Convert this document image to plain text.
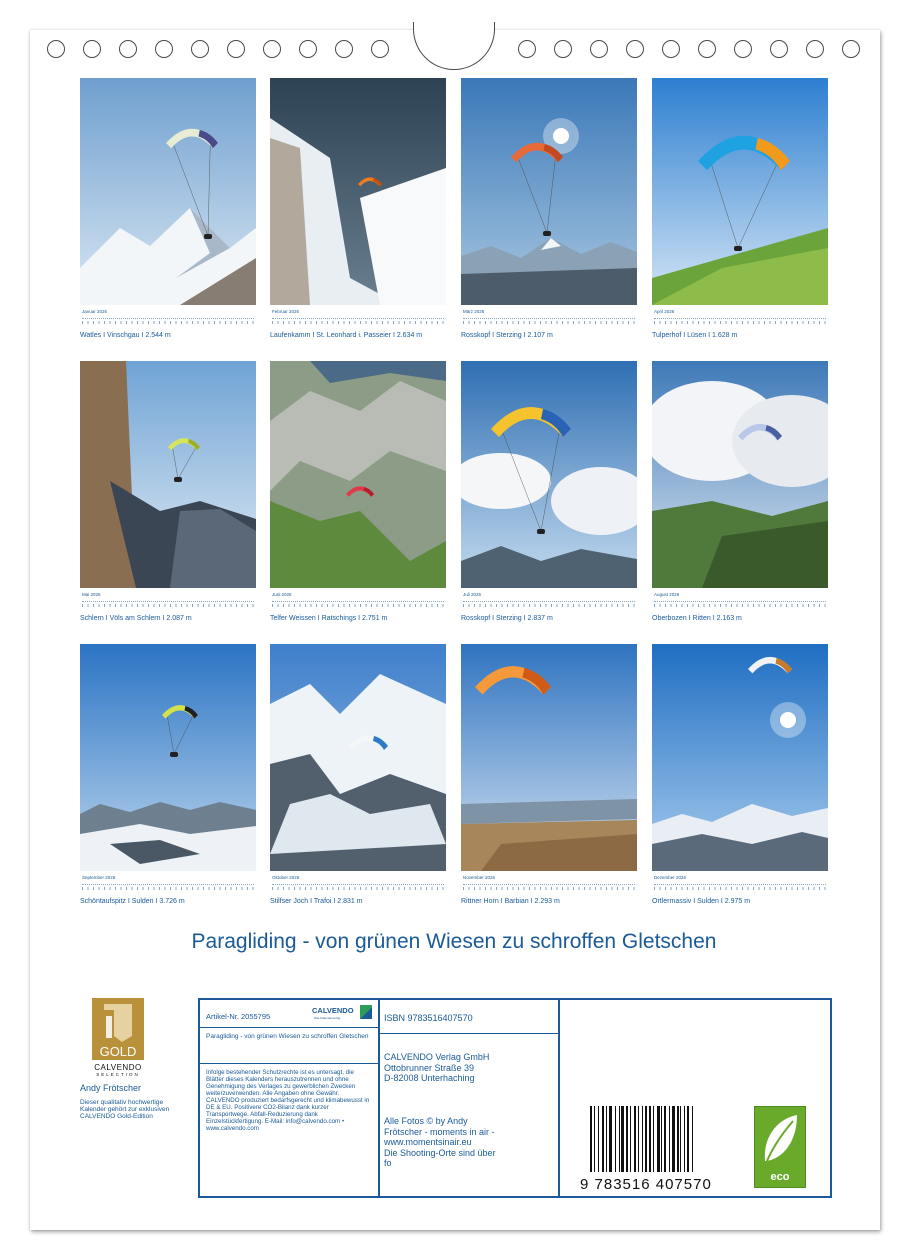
Januar 2026
Watles I Vinschgau I 2.544 m
Februar 2026
Laufenkamm I St. Leonhard i. Passeier I 2.634 m
März 2026
Rosskopf I Sterzing I 2.107 m
April 2026
Tulperhof I Lüsen I 1.628 m
Mai 2026
Schlern I Völs am Schlern I 2.087 m
Juni 2026
Telfer Weissen I Ratschings I 2.751 m
Juli 2026
Rosskopf I Sterzing I 2.837 m
August 2026
Oberbozen I Ritten I 2.163 m
September 2026
Schöntaufspitz I Sulden I 3.726 m
Oktober 2026
Stilfser Joch I Trafoi I 2.831 m
November 2026
Rittner Horn I Barbian I 2.293 m
Dezember 2026
Ortlermassiv I Sulden I 2.975 m
Paragliding - von grünen Wiesen zu schroffen Gletschen
GOLD
CALVENDO
SELECTION
Andy Frötscher
Dieser qualitativ hochwertige Kalender gehört zur exklusiven CALVENDO Gold-Edition
Artikel-Nr. 2055795
CALVENDO
Das Kalenderverlag
Paragliding - von grünen Wiesen zu schroffen Gletschen
Infolge bestehender Schutzrechte ist es untersagt, die Blätter dieses Kalenders herauszutrennen und ohne Genehmigung des Verlages zu gewerblichen Zwecken weiterzuverwenden. Alle Angaben ohne Gewähr. CALVENDO produziert bedarfsgerecht und klimabewusst in DE & EU. Positivere CO2-Bilanz dank kurzer Transportwege. Abfall-Reduzierung dank Einzelstückfertigung. E-Mail: info@calvendo.com • www.calvendo.com
ISBN 9783516407570
CALVENDO Verlag GmbH
Ottobrunner Straße 39
D-82008 Unterhaching
Alle Fotos © by Andy
Frötscher - moments in air -
www.momentsinair.eu
Die Shooting-Orte sind über
fo
9 783516 407570	eco
